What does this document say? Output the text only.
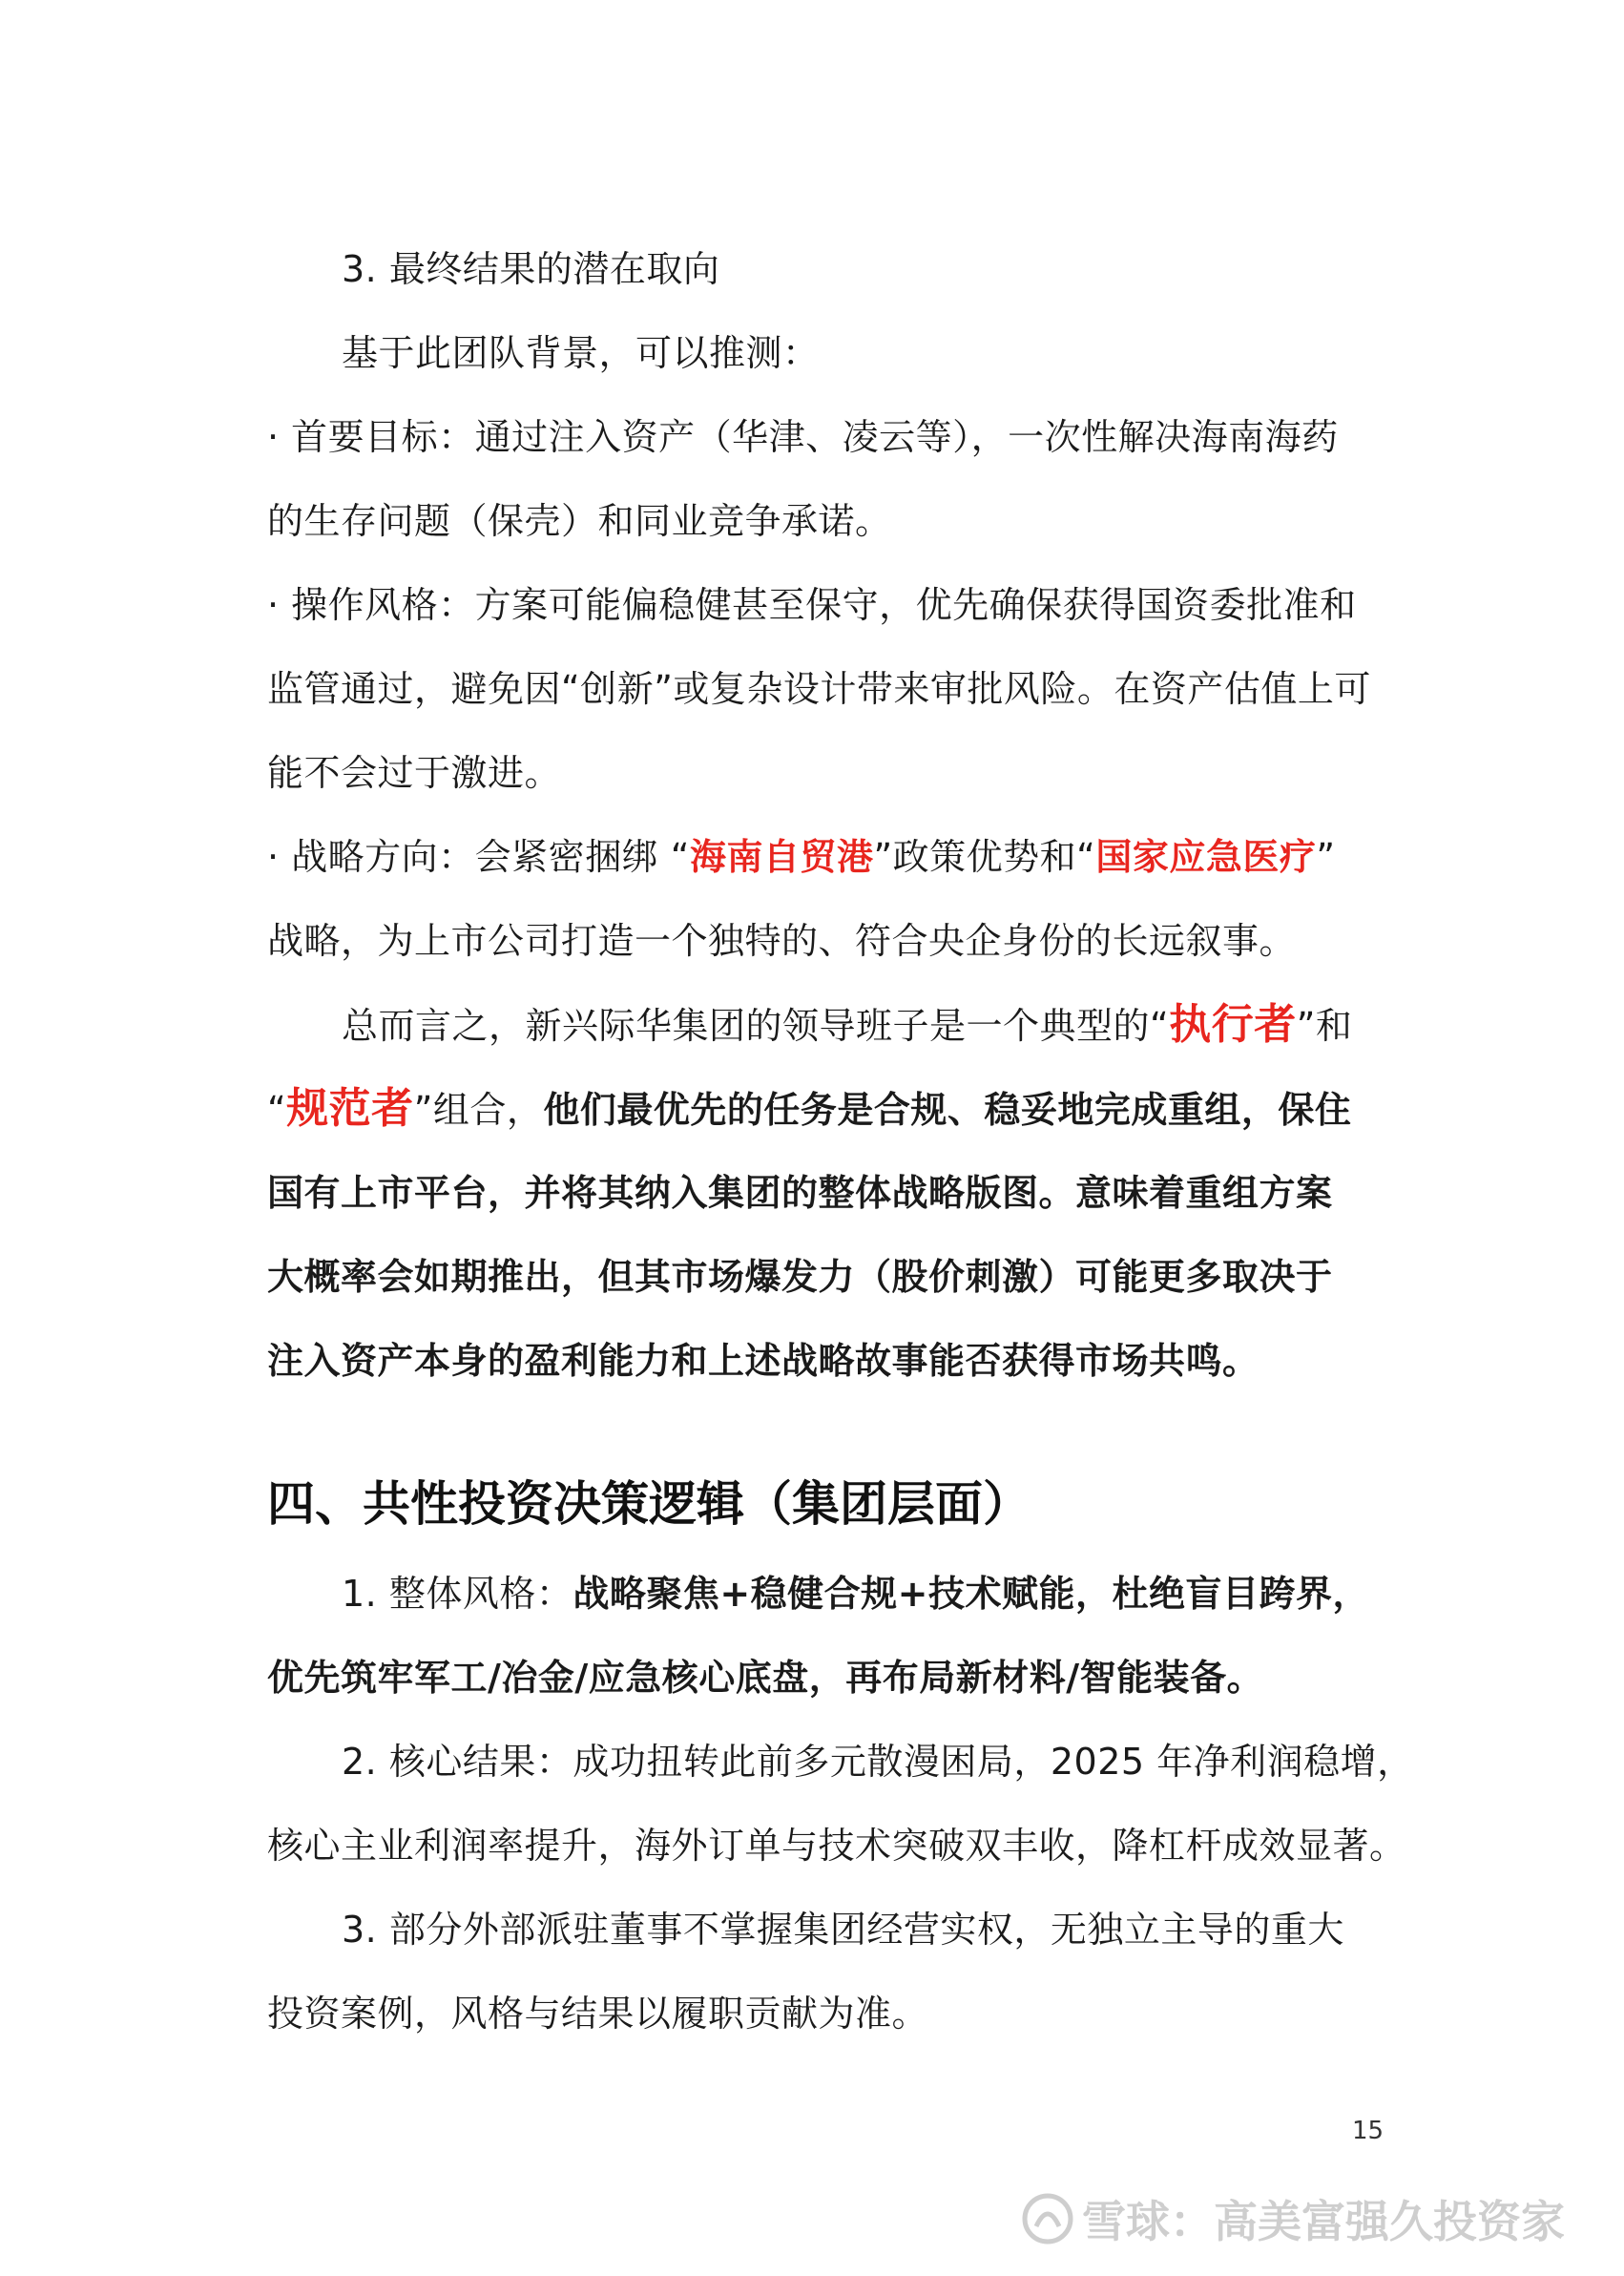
3. 最终结果的潜在取向
基于此团队背景，可以推测：
· 首要目标：通过注入资产（华津、凌云等），一次性解决海南海药
的生存问题（保壳）和同业竞争承诺。
· 操作风格：方案可能偏稳健甚至保守，优先确保获得国资委批准和
监管通过，避免因“创新”或复杂设计带来审批风险。在资产估值上可
能不会过于激进。
· 战略方向：会紧密捆绑 “海南自贸港”政策优势和“国家应急医疗”
战略，为上市公司打造一个独特的、符合央企身份的长远叙事。
总而言之，新兴际华集团的领导班子是一个典型的“执行者”和
“规范者”组合，他们最优先的任务是合规、稳妥地完成重组，保住
国有上市平台，并将其纳入集团的整体战略版图。意味着重组方案
大概率会如期推出，但其市场爆发力（股价刺激）可能更多取决于
注入资产本身的盈利能力和上述战略故事能否获得市场共鸣。
四、共性投资决策逻辑（集团层面）
1. 整体风格：战略聚焦+稳健合规+技术赋能，杜绝盲目跨界，
优先筑牢军工/冶金/应急核心底盘，再布局新材料/智能装备。
2. 核心结果：成功扭转此前多元散漫困局，2025 年净利润稳增，
核心主业利润率提升，海外订单与技术突破双丰收，降杠杆成效显著。
3. 部分外部派驻董事不掌握集团经营实权，无独立主导的重大
投资案例，风格与结果以履职贡献为准。
15
雪球：高美富强久投资家
